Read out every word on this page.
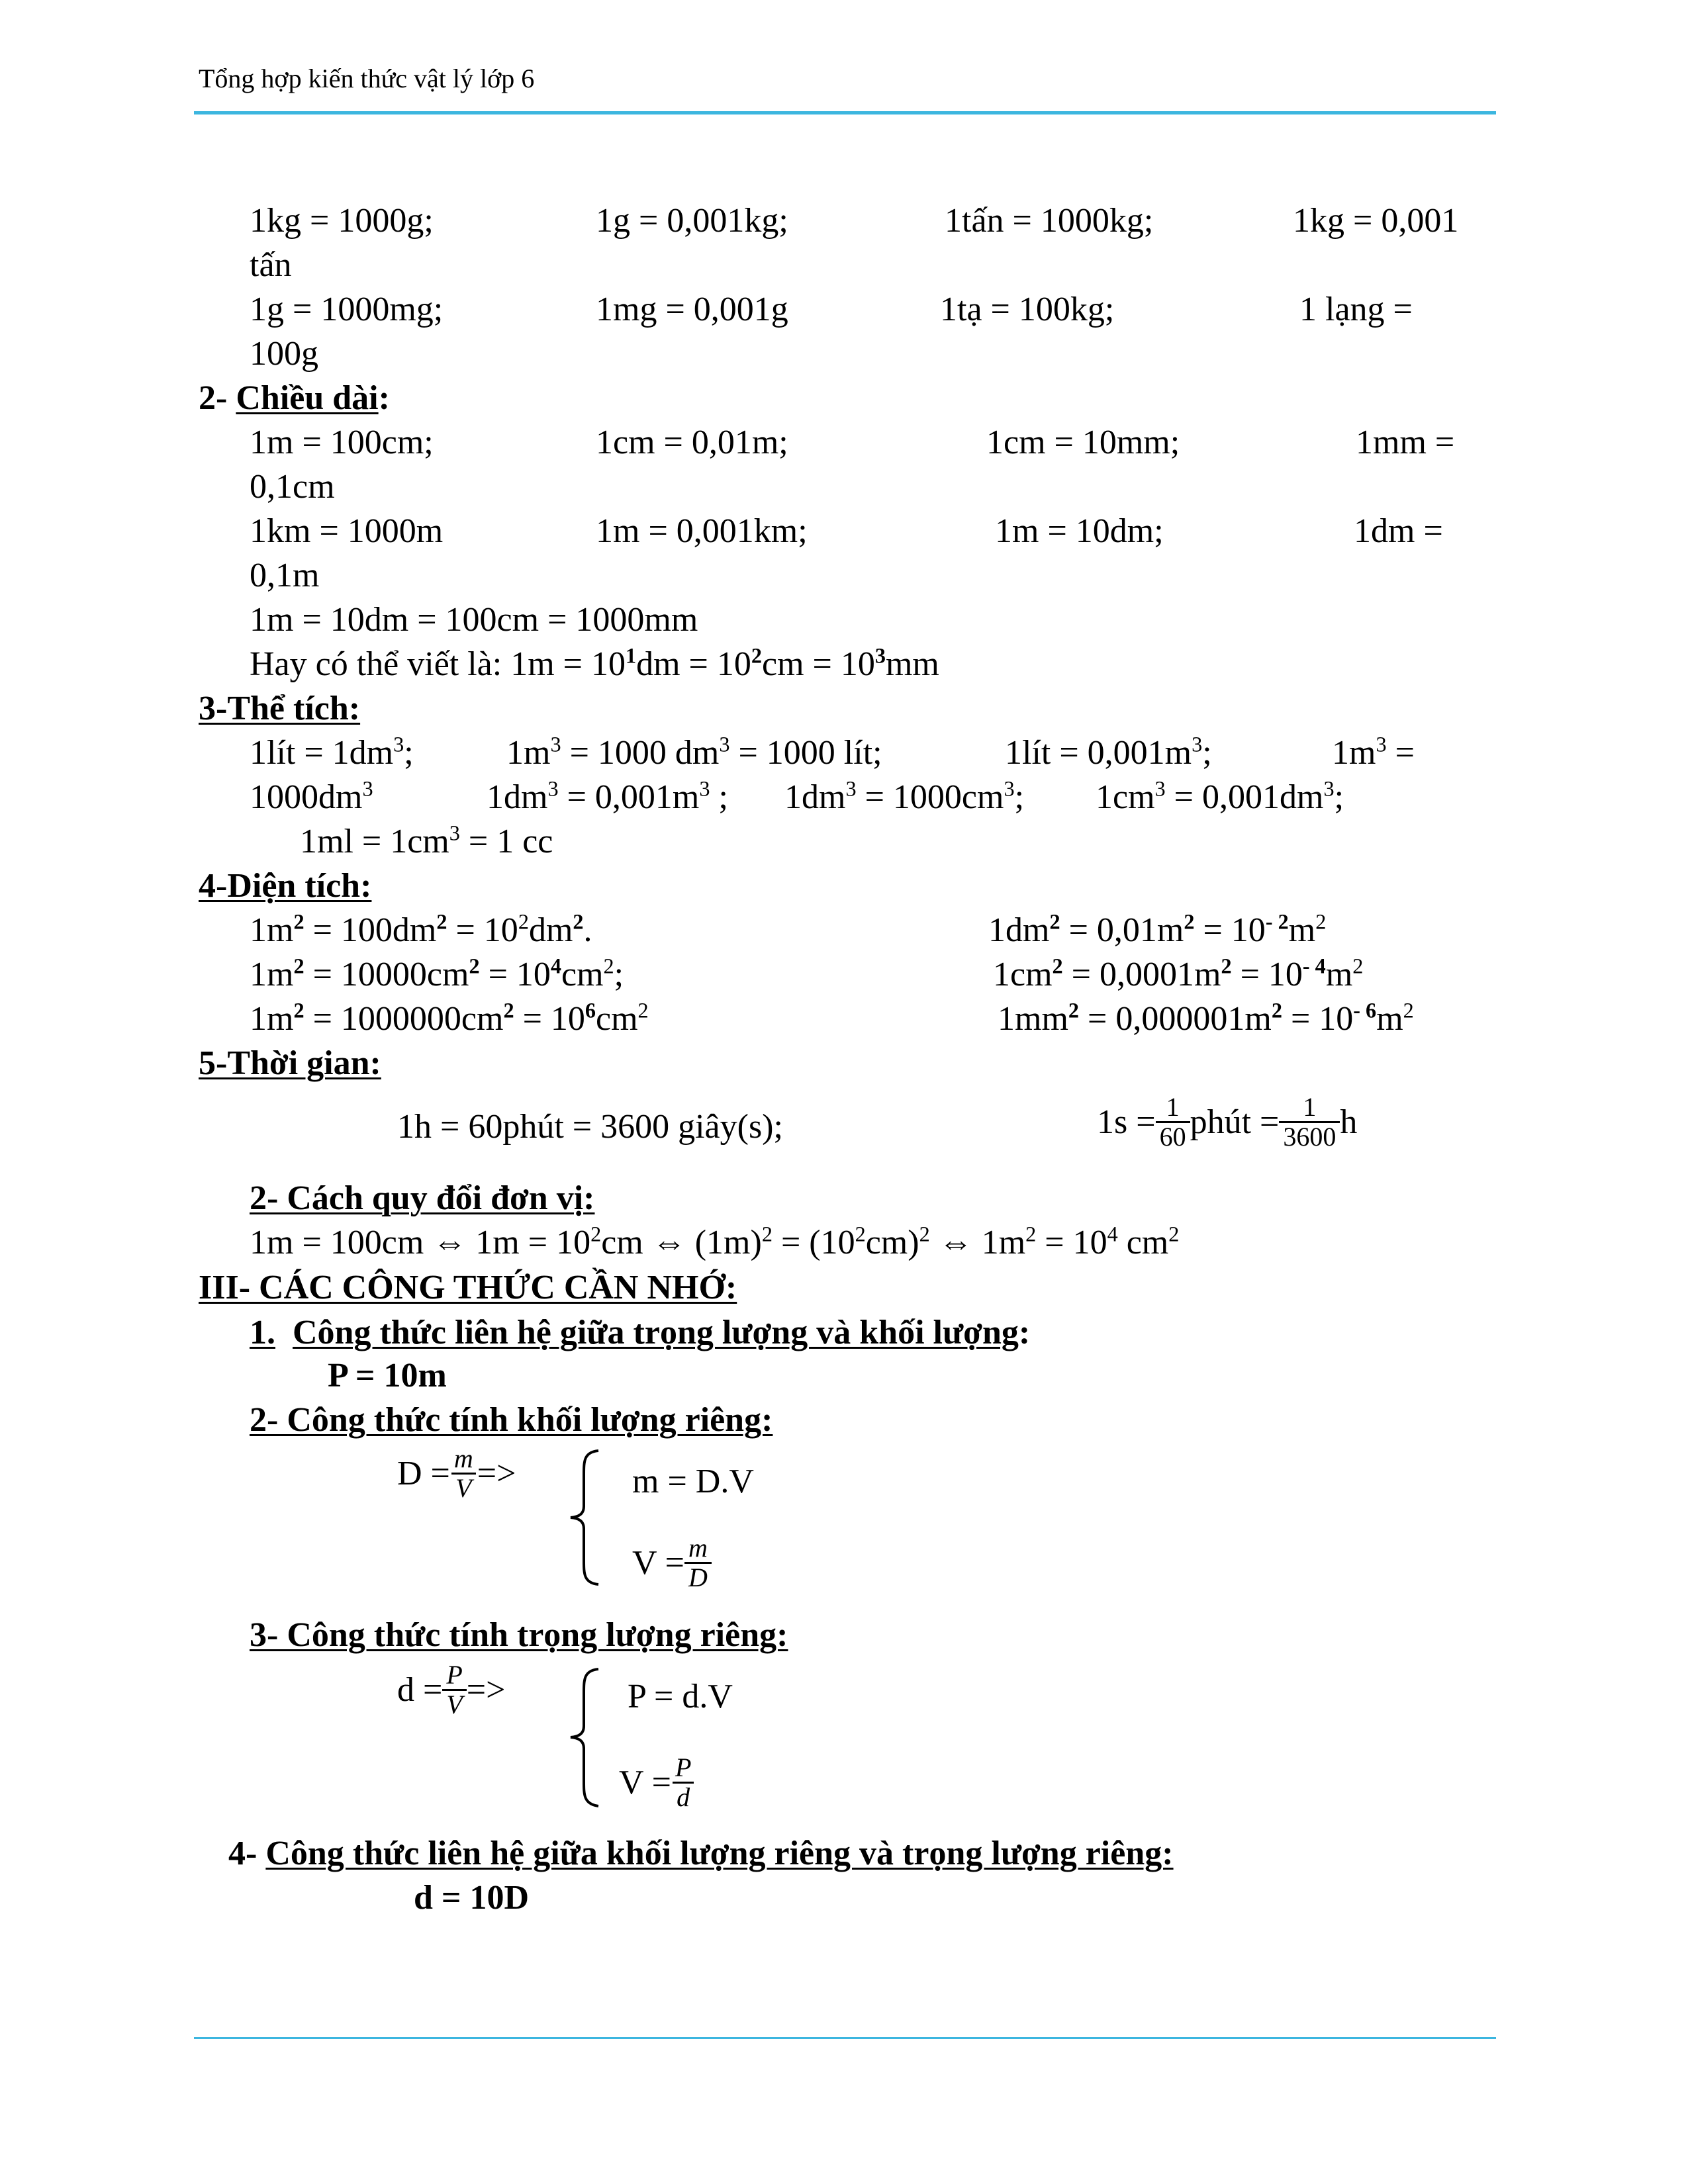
Tổng hợp kiến thức vật lý lớp 6
1kg = 1000g;	1g = 0,001kg;	1tấn = 1000kg;	1kg = 0,001
tấn
1g = 1000mg;	1mg = 0,001g	1tạ = 100kg;	1 lạng =
100g
2- Chiều dài:
1m = 100cm;	1cm = 0,01m;	1cm = 10mm;	1mm =
0,1cm
1km = 1000m	1m = 0,001km;	1m = 10dm;	1dm =
0,1m
1m = 10dm = 100cm = 1000mm
Hay có thể viết là: $1m = 10^1dm = 10^2cm = 10^3mm$
3-Thể tích:
1lít = $1dm^3$;	$1m^3 = 1000$ $dm^3 = 1000$ lít;	1lít = $0,001m^3$;	$1m^3$ =
$1000dm^3$	$1dm^3 = 0,001m^3$ ; $1dm^3 = 1000cm^3$; $1cm^3 = 0,001dm^3$;
$1ml = 1cm^3 = 1$ cc
4-Diện tích:
$1m^2 = 100dm^2 = 10^2dm^2$.	$1dm^2 = 0,01m^2 = 10^{- 2}m^2$
$1m^2 = 10000cm^2 = 10^4cm^2$;	$1cm^2 = 0,0001m^2 = 10^{- 4}m^2$
$1m^2 = 1000000cm^2 = 10^6cm^2$	$1mm^2 = 0,000001m^2 = 10^{- 6}m^2$
5-Thời gian:
1h = 60phút = 3600 giây(s);	$1s = \frac{1}{60}$ phút = $\frac{1}{3600}$ h
2- Cách quy đổi đơn vị:
1m = 100cm ⇔ $1m = 10^2cm$ ⇔ $(1m)^2 = (10^2cm)^2$ ⇔ $1m^2 = 10^4$ $cm^2$
III- CÁC CÔNG THỨC CẦN NHỚ:
1. Công thức liên hệ giữa trọng lượng và khối lượng:
P = 10m
2- Công thức tính khối lượng riêng:
$D = \frac{m}{V}$ =>	m = D.V
$V = \frac{m}{D}$
3- Công thức tính trọng lượng riêng:
$d = \frac{P}{V}$ =>	P = d.V
$V = \frac{P}{d}$
4- Công thức liên hệ giữa khối lượng riêng và trọng lượng riêng:
d = 10D
